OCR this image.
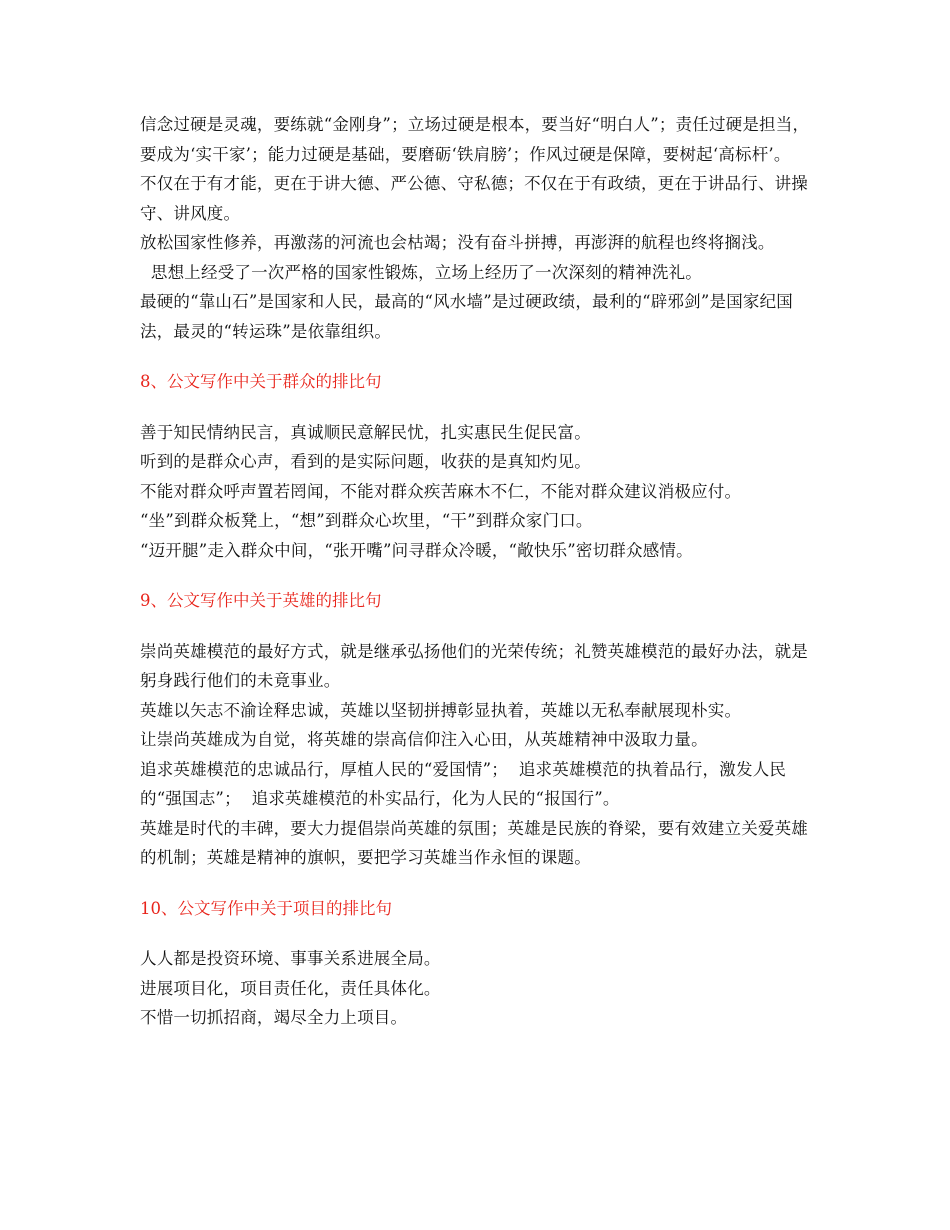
信念过硬是灵魂，要练就“金刚身”；立场过硬是根本，要当好“明白人”；责任过硬是担当，要成为‘实干家’；能力过硬是基础，要磨砺‘铁肩膀’；作风过硬是保障，要树起‘高标杆’。

不仅在于有才能，更在于讲大德、严公德、守私德；不仅在于有政绩，更在于讲品行、讲操守、讲风度。

放松国家性修养，再激荡的河流也会枯竭；没有奋斗拼搏，再澎湃的航程也终将搁浅。

思想上经受了一次严格的国家性锻炼，立场上经历了一次深刻的精神洗礼。

最硬的“靠山石”是国家和人民，最高的“风水墙”是过硬政绩，最利的“辟邪剑”是国家纪国法，最灵的“转运珠”是依靠组织。

8、公文写作中关于群众的排比句

善于知民情纳民言，真诚顺民意解民忧，扎实惠民生促民富。

听到的是群众心声，看到的是实际问题，收获的是真知灼见。

不能对群众呼声置若罔闻，不能对群众疾苦麻木不仁，不能对群众建议消极应付。

“坐”到群众板凳上，“想”到群众心坎里，“干”到群众家门口。

“迈开腿”走入群众中间，“张开嘴”问寻群众冷暖，“敞快乐”密切群众感情。

9、公文写作中关于英雄的排比句

崇尚英雄模范的最好方式，就是继承弘扬他们的光荣传统；礼赞英雄模范的最好办法，就是躬身践行他们的未竟事业。

英雄以矢志不渝诠释忠诚，英雄以坚韧拼搏彰显执着，英雄以无私奉献展现朴实。

让崇尚英雄成为自觉，将英雄的崇高信仰注入心田，从英雄精神中汲取力量。

追求英雄模范的忠诚品行，厚植人民的“爱国情”；  追求英雄模范的执着品行，激发人民的“强国志”；  追求英雄模范的朴实品行，化为人民的“报国行”。

英雄是时代的丰碑，要大力提倡崇尚英雄的氛围；英雄是民族的脊梁，要有效建立关爱英雄的机制；英雄是精神的旗帜，要把学习英雄当作永恒的课题。

10、公文写作中关于项目的排比句

人人都是投资环境、事事关系进展全局。

进展项目化，项目责任化，责任具体化。

不惜一切抓招商，竭尽全力上项目。
